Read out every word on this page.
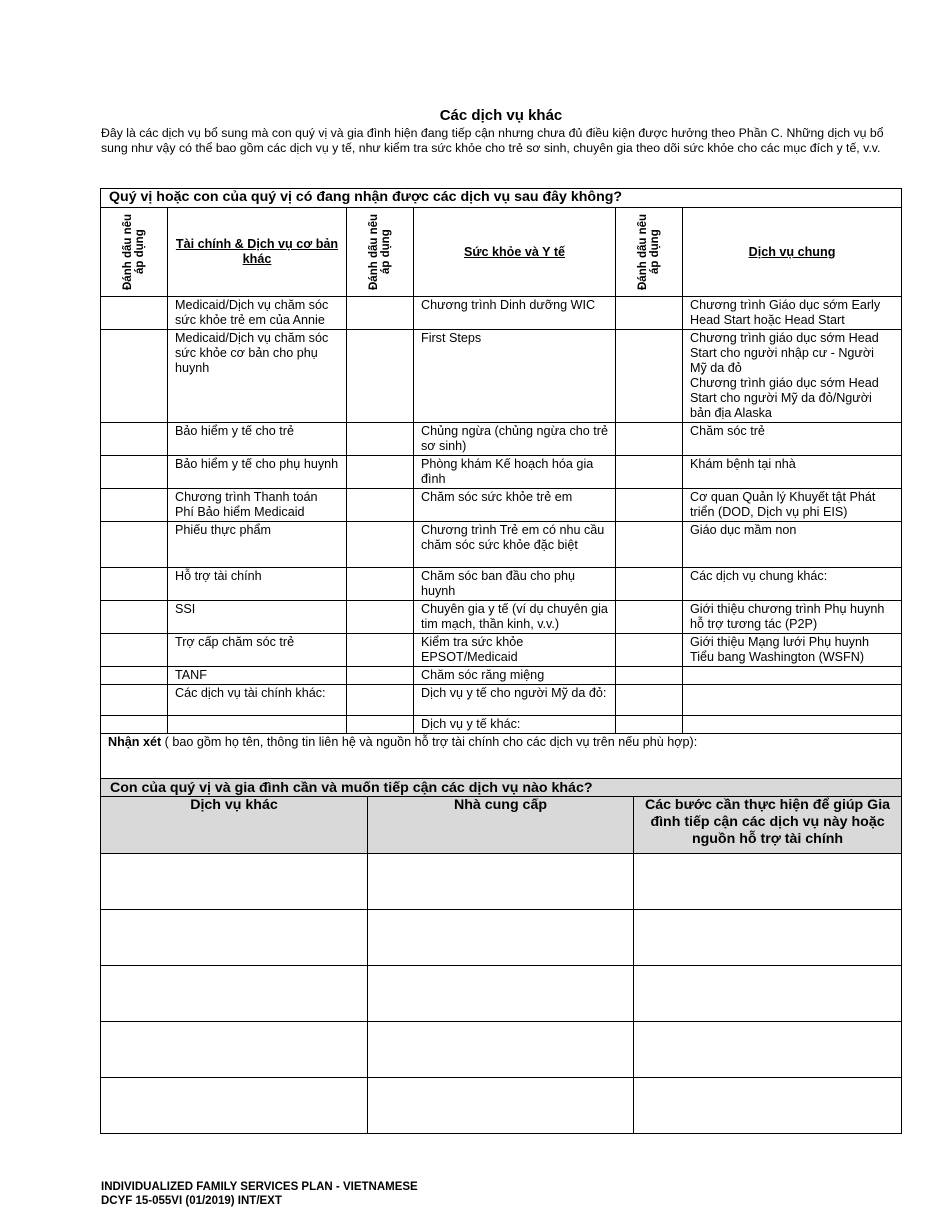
Các dịch vụ khác
Đây là các dịch vụ bổ sung mà con quý vị và gia đình hiện đang tiếp cận nhưng chưa đủ điều kiện được hưởng theo Phần C. Những dịch vụ bổ sung như vậy có thể bao gồm các dịch vụ y tế, như kiểm tra sức khỏe cho trẻ sơ sinh, chuyên gia theo dõi sức khỏe cho các mục đích y tế, v.v.
Quý vị hoặc con của quý vị có đang nhận được các dịch vụ sau đây không?					

Đánh dấu nếu áp dụng	Tài chính & Dịch vụ cơ bản khác	Đánh dấu nếu áp dụng	Sức khỏe và Y tế	Đánh dấu nếu áp dụng	Dịch vụ chung
	Medicaid/Dịch vụ chăm sóc sức khỏe trẻ em của Annie		Chương trình Dinh dưỡng WIC		Chương trình Giáo dục sớm Early Head Start hoặc Head Start
	Medicaid/Dịch vụ chăm sóc sức khỏe cơ bản cho phụ huynh		First Steps		Chương trình giáo dục sớm Head Start cho người nhập cư - Người Mỹ da đỏ
Chương trình giáo dục sớm Head Start cho người Mỹ da đỏ/Người bản địa Alaska

	Bảo hiểm y tế cho trẻ		Chủng ngừa (chủng ngừa cho trẻ sơ sinh)		Chăm sóc trẻ
	Bảo hiểm y tế cho phụ huynh		Phòng khám Kế hoạch hóa gia đình		Khám bệnh tại nhà
	Chương trình Thanh toán Phí Bảo hiểm Medicaid		Chăm sóc sức khỏe trẻ em		Cơ quan Quản lý Khuyết tật Phát triển (DOD, Dịch vụ phi EIS)
	Phiếu thực phẩm		Chương trình Trẻ em có nhu cầu chăm sóc sức khỏe đặc biệt		Giáo dục mầm non
	Hỗ trợ tài chính		Chăm sóc ban đầu cho phụ huynh		Các dịch vụ chung khác:
	SSI		Chuyên gia y tế (ví dụ chuyên gia tim mạch, thần kinh, v.v.)		Giới thiệu chương trình Phụ huynh hỗ trợ tương tác (P2P)
	Trợ cấp chăm sóc trẻ		Kiểm tra sức khỏe EPSOT/Medicaid		Giới thiệu Mạng lưới Phụ huynh Tiểu bang Washington (WSFN)
	TANF		Chăm sóc răng miệng		
	Các dịch vụ tài chính khác:		Dịch vụ y tế cho người Mỹ da đỏ:		
			Dịch vụ y tế khác:		
Nhận xét ( bao gồm họ tên, thông tin liên hệ và nguồn hỗ trợ tài chính cho các dịch vụ trên nếu phù hợp):					
Con của quý vị và gia đình cần và muốn tiếp cận các dịch vụ nào khác?		
Dịch vụ khác	Nhà cung cấp	Các bước cần thực hiện để giúp Gia đình tiếp cận các dịch vụ này hoặc nguồn hỗ trợ tài chính

INDIVIDUALIZED FAMILY SERVICES PLAN - VIETNAMESE
DCYF 15-055VI (01/2019) INT/EXT
